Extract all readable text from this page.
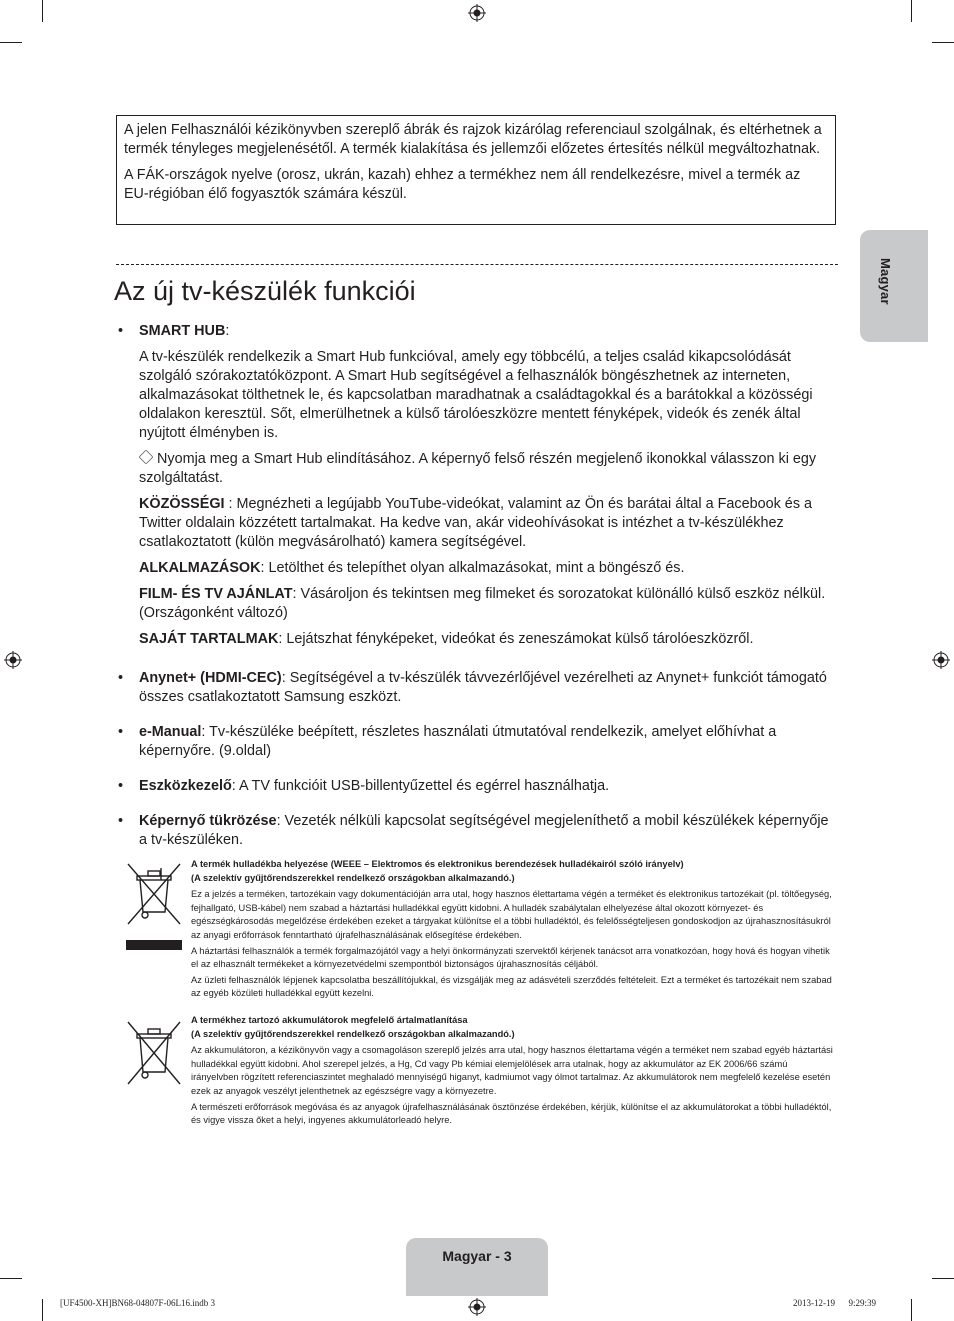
A jelen Felhasználói kézikönyvben szereplő ábrák és rajzok kizárólag referenciaul szolgálnak, és eltérhetnek a termék tényleges megjelenésétől. A termék kialakítása és jellemzői előzetes értesítés nélkül megváltozhatnak.

A FÁK-országok nyelve (orosz, ukrán, kazah) ehhez a termékhez nem áll rendelkezésre, mivel a termék az EU-régióban élő fogyasztók számára készül.

Az új tv-készülék funkciói	Magyar
• SMART HUB:

A tv-készülék rendelkezik a Smart Hub funkcióval, amely egy többcélú, a teljes család kikapcsolódását szolgáló szórakoztatóközpont. A Smart Hub segítségével a felhasználók böngészhetnek az interneten, alkalmazásokat tölthetnek le, és kapcsolatban maradhatnak a családtagokkal és a barátokkal a közösségi oldalakon keresztül. Sőt, elmerülhetnek a külső tárolóeszközre mentett fényképek, videók és zenék által nyújtott élményben is.

Nyomja meg a Smart Hub elindításához. A képernyő felső részén megjelenő ikonokkal válasszon ki egy szolgáltatást.

KÖZÖSSÉGI : Megnézheti a legújabb YouTube-videókat, valamint az Ön és barátai által a Facebook és a Twitter oldalain közzétett tartalmakat. Ha kedve van, akár videohívásokat is intézhet a tv-készülékhez csatlakoztatott (külön megvásárolható) kamera segítségével.

ALKALMAZÁSOK: Letölthet és telepíthet olyan alkalmazásokat, mint a böngésző és.

FILM- ÉS TV AJÁNLAT: Vásároljon és tekintsen meg filmeket és sorozatokat különálló külső eszköz nélkül. (Országonként változó)

SAJÁT TARTALMAK: Lejátszhat fényképeket, videókat és zeneszámokat külső tárolóeszközről.

• Anynet+ (HDMI-CEC): Segítségével a tv-készülék távvezérlőjével vezérelheti az Anynet+ funkciót támogató összes csatlakoztatott Samsung eszközt.

• e-Manual: Tv-készüléke beépített, részletes használati útmutatóval rendelkezik, amelyet előhívhat a képernyőre. (9.oldal)

• Eszközkezelő: A TV funkcióit USB-billentyűzettel és egérrel használhatja.

• Képernyő tükrözése: Vezeték nélküli kapcsolat segítségével megjeleníthető a mobil készülékek képernyője a tv-készüléken.

A termék hulladékba helyezése (WEEE – Elektromos és elektronikus berendezések hulladékairól szóló irányelv)

(A szelektív gyűjtőrendszerekkel rendelkező országokban alkalmazandó.)

Ez a jelzés a terméken, tartozékain vagy dokumentációján arra utal, hogy hasznos élettartama végén a terméket és elektronikus tartozékait (pl. töltőegység, fejhallgató, USB-kábel) nem szabad a háztartási hulladékkal együtt kidobni. A hulladék szabálytalan elhelyezése által okozott környezet- és egészségkárosodás megelőzése érdekében ezeket a tárgyakat különítse el a többi hulladéktól, és felelősségteljesen gondoskodjon az újrahasznosításukról az anyagi erőforrások fenntartható újrafelhasználásának elősegítése érdekében.

A háztartási felhasználók a termék forgalmazójától vagy a helyi önkormányzati szervektől kérjenek tanácsot arra vonatkozóan, hogy hová és hogyan vihetik el az elhasznált termékeket a környezetvédelmi szempontból biztonságos újrahasznosítás céljából.

Az üzleti felhasználók lépjenek kapcsolatba beszállítójukkal, és vizsgálják meg az adásvételi szerződés feltételeit. Ezt a terméket és tartozékait nem szabad az egyéb közületi hulladékkal együtt kezelni.

A termékhez tartozó akkumulátorok megfelelő ártalmatlanítása

(A szelektív gyűjtőrendszerekkel rendelkező országokban alkalmazandó.)

Az akkumulátoron, a kézikönyvön vagy a csomagoláson szereplő jelzés arra utal, hogy hasznos élettartama végén a terméket nem szabad egyéb háztartási hulladékkal együtt kidobni. Ahol szerepel jelzés, a Hg, Cd vagy Pb kémiai elemjelölések arra utalnak, hogy az akkumulátor az EK 2006/66 számú irányelvben rögzített referenciaszintet meghaladó mennyiségű higanyt, kadmiumot vagy ólmot tartalmaz. Az akkumulátorok nem megfelelő kezelése esetén ezek az anyagok veszélyt jelenthetnek az egészségre vagy a környezetre.

A természeti erőforrások megóvása és az anyagok újrafelhasználásának ösztönzése érdekében, kérjük, különítse el az akkumulátorokat a többi hulladéktól, és vigye vissza őket a helyi, ingyenes akkumulátorleadó helyre.

Magyar - 3
[UF4500-XH]BN68-04807F-06L16.indb 3	2013-12-19   9:29:39
